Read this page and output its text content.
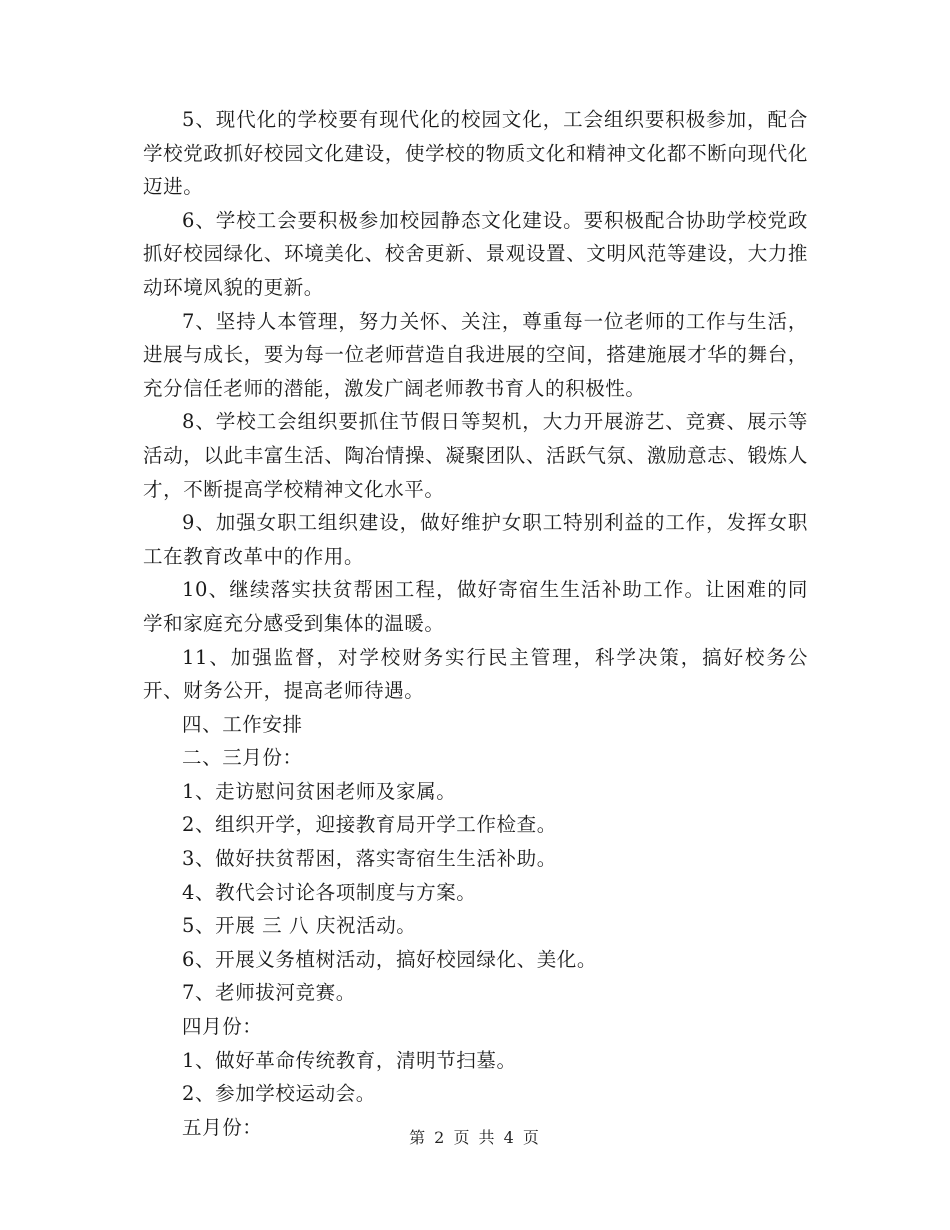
5、现代化的学校要有现代化的校园文化，工会组织要积极参加，配合学校党政抓好校园文化建设，使学校的物质文化和精神文化都不断向现代化迈进。

6、学校工会要积极参加校园静态文化建设。要积极配合协助学校党政抓好校园绿化、环境美化、校舍更新、景观设置、文明风范等建设，大力推动环境风貌的更新。

7、坚持人本管理，努力关怀、关注，尊重每一位老师的工作与生活，进展与成长，要为每一位老师营造自我进展的空间，搭建施展才华的舞台，充分信任老师的潜能，激发广阔老师教书育人的积极性。

8、学校工会组织要抓住节假日等契机，大力开展游艺、竞赛、展示等活动，以此丰富生活、陶冶情操、凝聚团队、活跃气氛、激励意志、锻炼人才，不断提高学校精神文化水平。

9、加强女职工组织建设，做好维护女职工特别利益的工作，发挥女职工在教育改革中的作用。

10、继续落实扶贫帮困工程，做好寄宿生生活补助工作。让困难的同学和家庭充分感受到集体的温暖。

11、加强监督，对学校财务实行民主管理，科学决策，搞好校务公开、财务公开，提高老师待遇。

四、工作安排

二、三月份：

1、走访慰问贫困老师及家属。

2、组织开学，迎接教育局开学工作检查。

3、做好扶贫帮困，落实寄宿生生活补助。

4、教代会讨论各项制度与方案。

5、开展 三 八 庆祝活动。

6、开展义务植树活动，搞好校园绿化、美化。

7、老师拔河竞赛。

四月份：

1、做好革命传统教育，清明节扫墓。

2、参加学校运动会。

五月份：	第 2 页 共 4 页
